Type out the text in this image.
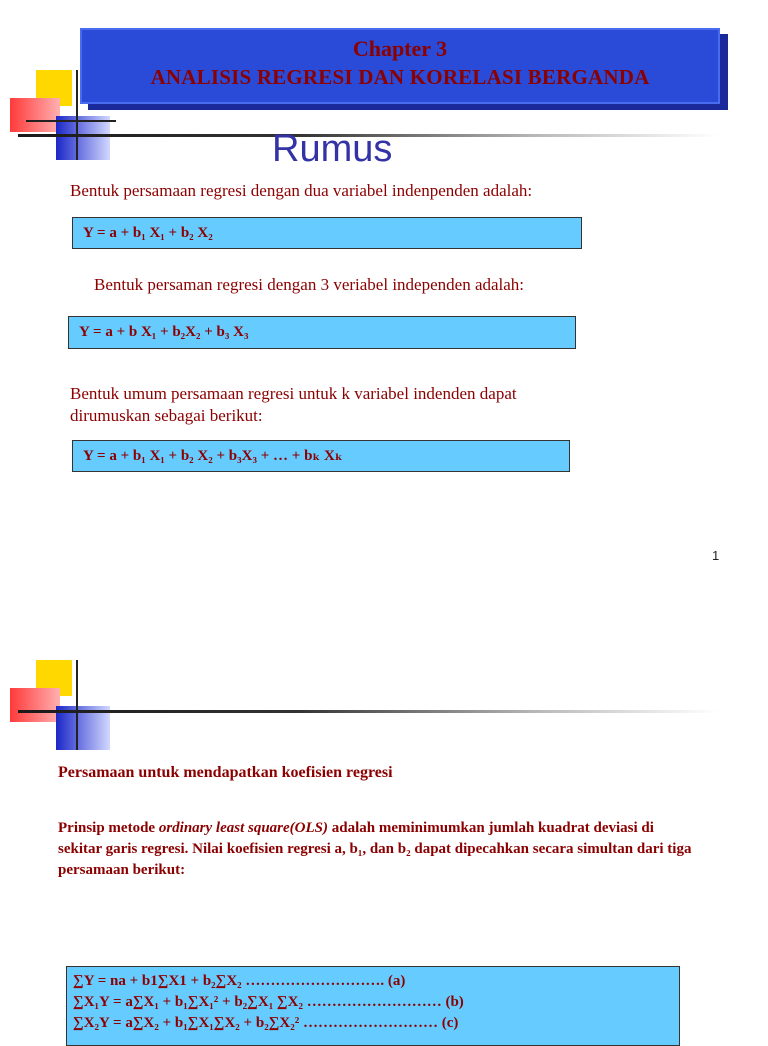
Chapter 3
ANALISIS REGRESI DAN KORELASI BERGANDA
Rumus
Bentuk persamaan regresi dengan dua variabel indenpenden adalah:
Y = a + b₁ X₁ + b₂ X₂
Bentuk persaman regresi dengan 3 veriabel independen adalah:
Y = a + b X₁ + b₂X₂ + b₃ X₃
Bentuk umum persamaan regresi untuk k variabel indenden dapat
dirumuskan sebagai berikut:
Y = a + b₁ X₁ + b₂ X₂ + b₃X₃ + … + bₖ Xₖ
1
Persamaan untuk mendapatkan koefisien regresi
Prinsip metode ordinary least square(OLS) adalah meminimumkan jumlah kuadrat deviasi di sekitar garis regresi. Nilai koefisien regresi a, b₁, dan b₂ dapat dipecahkan secara simultan dari tiga persamaan berikut:
∑Y = na + b1∑X1 + b₂∑X₂ ………………………. (a)
∑X₁Y = a∑X₁ + b₁∑X₁² + b₂∑X₁ ∑X₂ ……………………… (b)
∑X₂Y = a∑X₂ + b₁∑X₁∑X₂ + b₂∑X₂² ……………………… (c)
